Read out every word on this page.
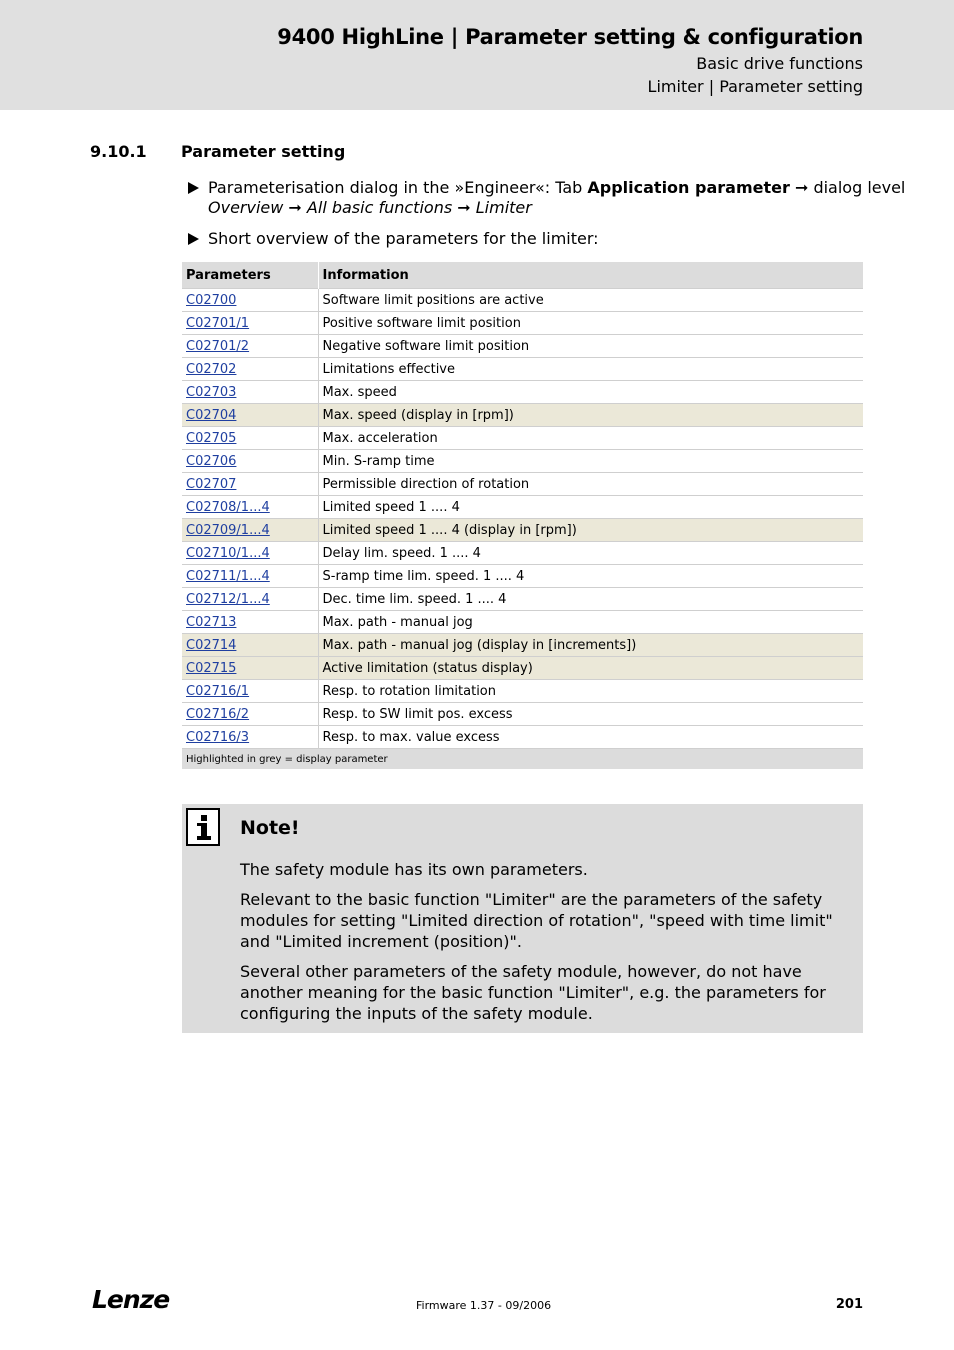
9400 HighLine | Parameter setting & configuration
Basic drive functions
Limiter | Parameter setting
9.10.1 Parameter setting
Parameterisation dialog in the »Engineer«: Tab Application parameter ➞ dialog level
Overview ➞ All basic functions ➞ Limiter
Short overview of the parameters for the limiter:
Parameters	Information
C02700	Software limit positions are active
C02701/1	Positive software limit position
C02701/2	Negative software limit position
C02702	Limitations effective
C02703	Max. speed
C02704	Max. speed (display in [rpm])
C02705	Max. acceleration
C02706	Min. S-ramp time
C02707	Permissible direction of rotation
C02708/1...4	Limited speed 1 .... 4
C02709/1...4	Limited speed 1 .... 4 (display in [rpm])
C02710/1...4	Delay lim. speed. 1 .... 4
C02711/1...4	S-ramp time lim. speed. 1 .... 4
C02712/1...4	Dec. time lim. speed. 1 .... 4
C02713	Max. path - manual jog
C02714	Max. path - manual jog (display in [increments])
C02715	Active limitation (status display)
C02716/1	Resp. to rotation limitation
C02716/2	Resp. to SW limit pos. excess
C02716/3	Resp. to max. value excess
Highlighted in grey = display parameter	
Note!
The safety module has its own parameters.
Relevant to the basic function "Limiter" are the parameters of the safety modules for setting "Limited direction of rotation", "speed with time limit" and "Limited increment (position)".
Several other parameters of the safety module, however, do not have another meaning for the basic function "Limiter", e.g. the parameters for configuring the inputs of the safety module.
Lenze	Firmware 1.37 - 09/2006	201
